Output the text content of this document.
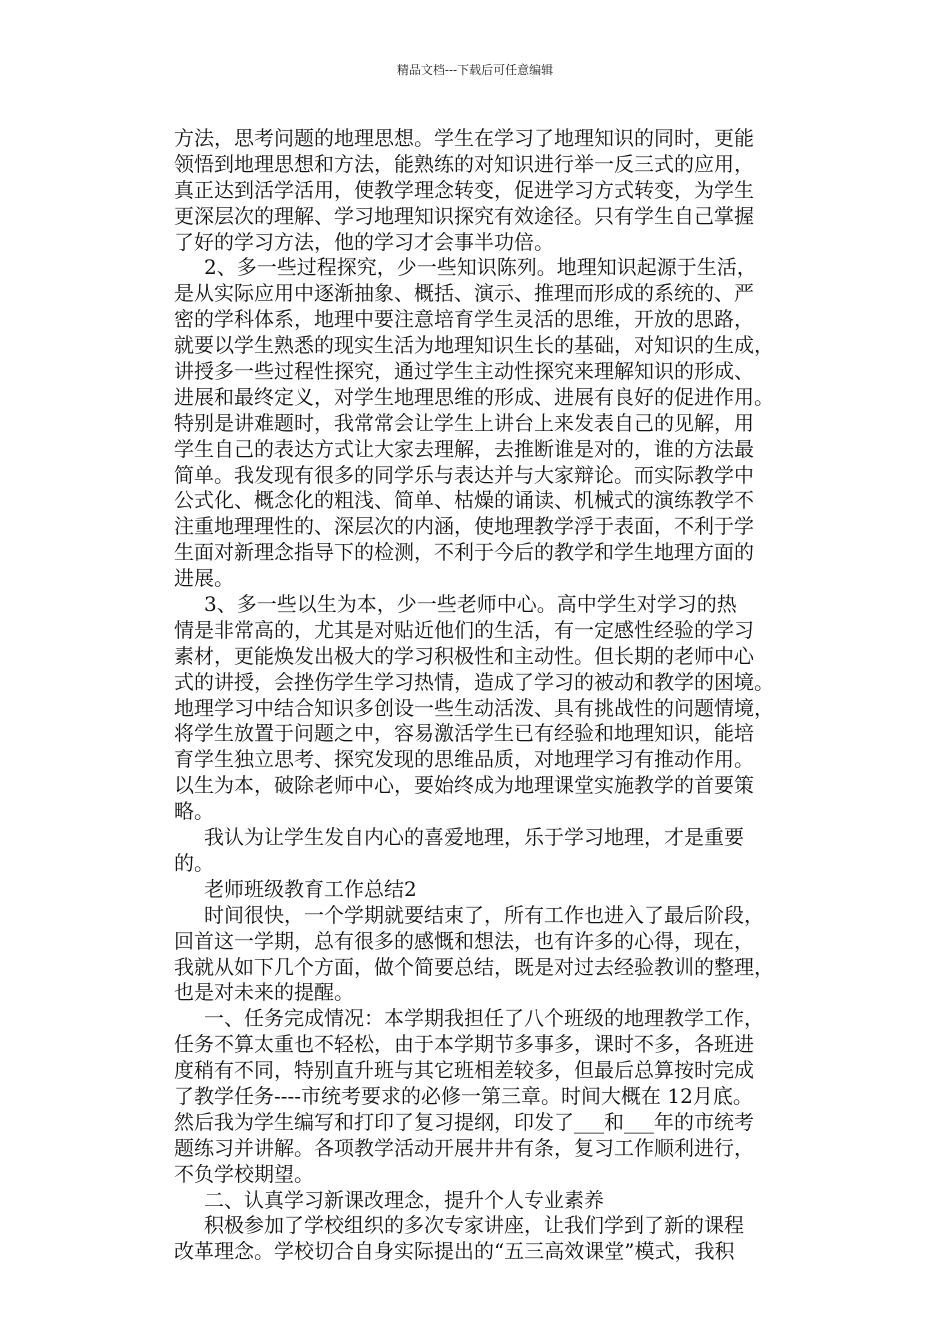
精品文档---下载后可任意编辑
方法，思考问题的地理思想。学生在学习了地理知识的同时，更能
领悟到地理思想和方法，能熟练的对知识进行举一反三式的应用，
真正达到活学活用，使教学理念转变，促进学习方式转变，为学生
更深层次的理解、学习地理知识探究有效途径。只有学生自己掌握
了好的学习方法，他的学习才会事半功倍。
2、多一些过程探究，少一些知识陈列。地理知识起源于生活，
是从实际应用中逐渐抽象、概括、演示、推理而形成的系统的、严
密的学科体系，地理中要注意培育学生灵活的思维，开放的思路，
就要以学生熟悉的现实生活为地理知识生长的基础，对知识的生成，
讲授多一些过程性探究，通过学生主动性探究来理解知识的形成、
进展和最终定义，对学生地理思维的形成、进展有良好的促进作用。
特别是讲难题时，我常常会让学生上讲台上来发表自己的见解，用
学生自己的表达方式让大家去理解，去推断谁是对的，谁的方法最
简单。我发现有很多的同学乐与表达并与大家辩论。而实际教学中
公式化、概念化的粗浅、简单、枯燥的诵读、机械式的演练教学不
注重地理理性的、深层次的内涵，使地理教学浮于表面，不利于学
生面对新理念指导下的检测，不利于今后的教学和学生地理方面的
进展。
3、多一些以生为本，少一些老师中心。高中学生对学习的热
情是非常高的，尤其是对贴近他们的生活，有一定感性经验的学习
素材，更能焕发出极大的学习积极性和主动性。但长期的老师中心
式的讲授，会挫伤学生学习热情，造成了学习的被动和教学的困境。
地理学习中结合知识多创设一些生动活泼、具有挑战性的问题情境，
将学生放置于问题之中，容易激活学生已有经验和地理知识，能培
育学生独立思考、探究发现的思维品质，对地理学习有推动作用。
以生为本，破除老师中心，要始终成为地理课堂实施教学的首要策
略。
我认为让学生发自内心的喜爱地理，乐于学习地理，才是重要
的。
老师班级教育工作总结2
时间很快，一个学期就要结束了，所有工作也进入了最后阶段，
回首这一学期，总有很多的感慨和想法，也有许多的心得，现在，
我就从如下几个方面，做个简要总结，既是对过去经验教训的整理，
也是对未来的提醒。
一、任务完成情况：本学期我担任了八个班级的地理教学工作，
任务不算太重也不轻松，由于本学期节多事多，课时不多，各班进
度稍有不同，特别直升班与其它班相差较多，但最后总算按时完成
了教学任务----市统考要求的必修一第三章。时间大概在 12月底。
然后我为学生编写和打印了复习提纲，印发了___和___年的市统考
题练习并讲解。各项教学活动开展井井有条，复习工作顺利进行，
不负学校期望。
二、认真学习新课改理念，提升个人专业素养
积极参加了学校组织的多次专家讲座，让我们学到了新的课程
改革理念。学校切合自身实际提出的“五三高效课堂”模式，我积
